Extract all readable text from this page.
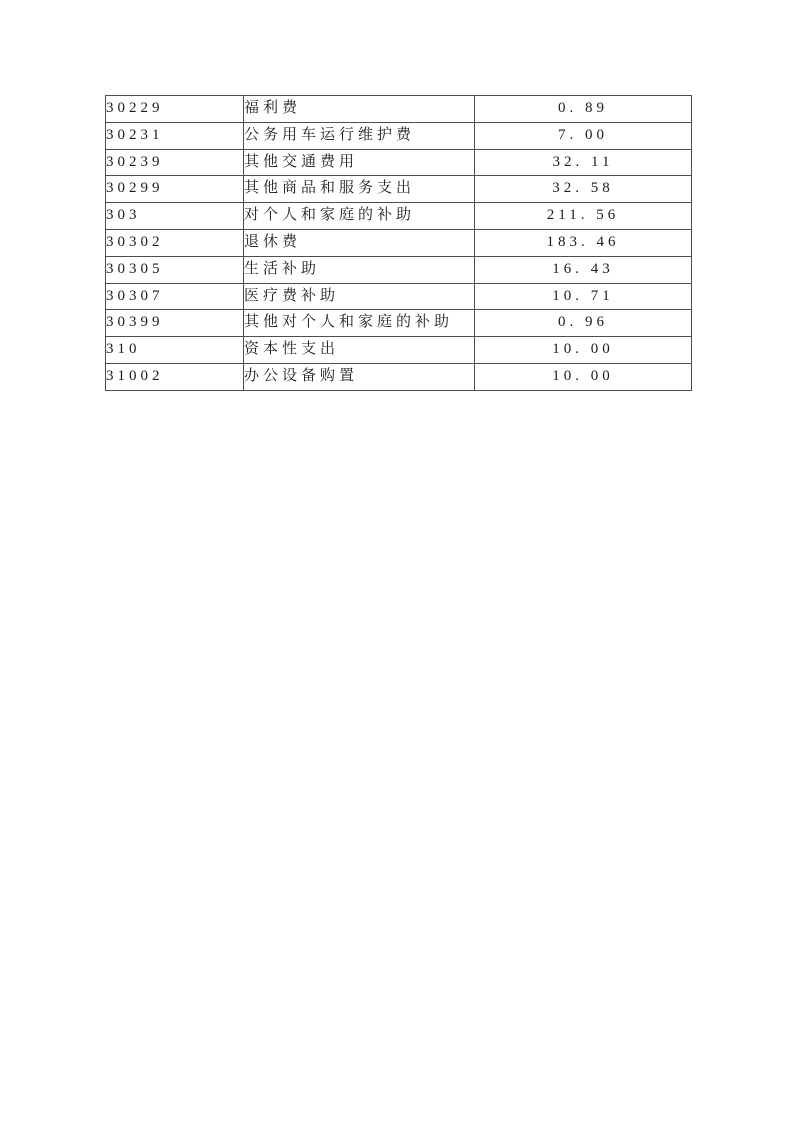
30229	福利费	0. 89
30231	公务用车运行维护费	7. 00
30239	其他交通费用	32. 11
30299	其他商品和服务支出	32. 58
303	对个人和家庭的补助	211. 56
30302	退休费	183. 46
30305	生活补助	16. 43
30307	医疗费补助	10. 71
30399	其他对个人和家庭的补助	0. 96
310	资本性支出	10. 00
31002	办公设备购置	10. 00
